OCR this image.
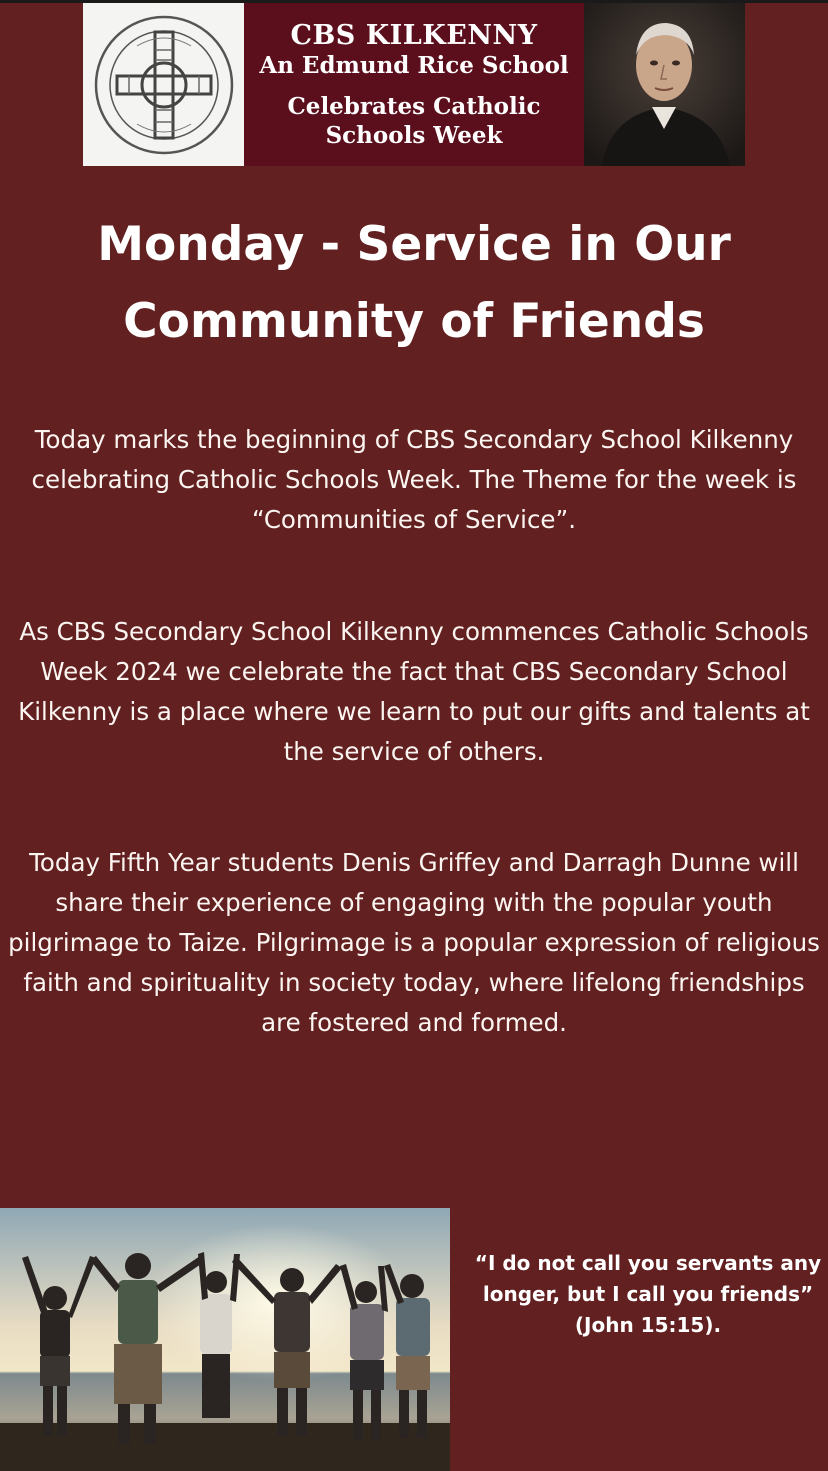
CBS KILKENNY
An Edmund Rice School
Celebrates Catholic Schools Week
Monday - Service in Our
Community of Friends

Today marks the beginning of CBS Secondary School Kilkenny celebrating Catholic Schools Week. The Theme for the week is “Communities of Service”.

As CBS Secondary School Kilkenny commences Catholic Schools Week 2024 we celebrate the fact that CBS Secondary School Kilkenny is a place where we learn to put our gifts and talents at the service of others.

Today Fifth Year students Denis Griffey and Darragh Dunne will share their experience of engaging with the popular youth pilgrimage to Taize. Pilgrimage is a popular expression of religious faith and spirituality in society today, where lifelong friendships are fostered and formed.

“I do not call you servants any longer, but I call you friends”
(John 15:15).
